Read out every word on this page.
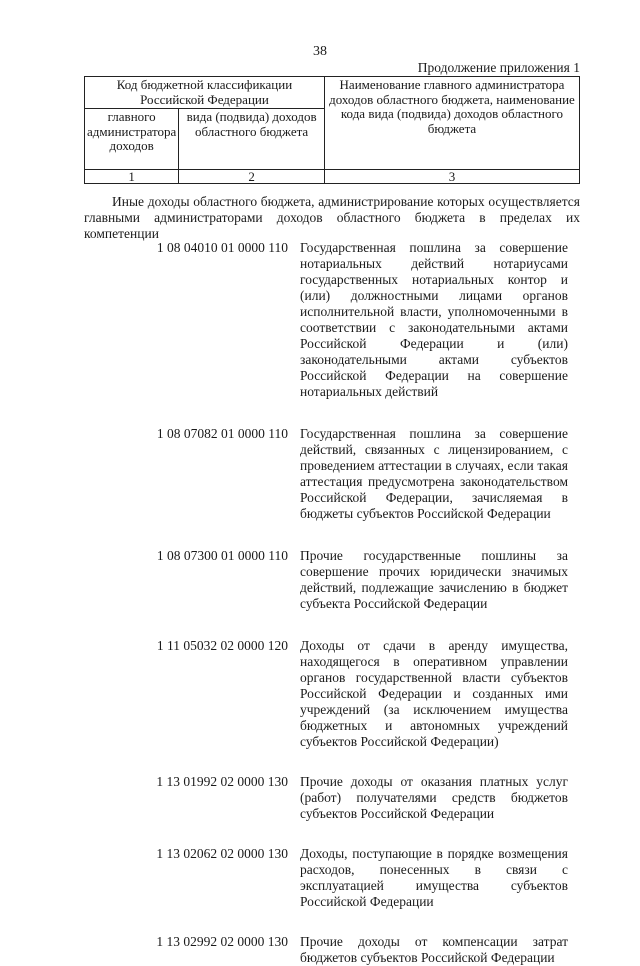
38
Продолжение приложения 1
Код бюджетной классификации Российской Федерации		Наименование главного администратора доходов областного бюджета, наименование кода вида (подвида) доходов областного бюджета
главного администратора доходов	вида (подвида) доходов областного бюджета	
1	2	3
Иные доходы областного бюджета, администрирование которых осуществляется главными администраторами доходов областного бюджета в пределах их компетенции
1 08 04010 01 0000 110 Государственная пошлина за совершение нотариальных действий нотариусами государственных нотариальных контор и (или) должностными лицами органов исполнительной власти, уполномоченными в соответствии с законодательными актами Российской Федерации и (или) законодательными актами субъектов Российской Федерации на совершение нотариальных действий
1 08 07082 01 0000 110 Государственная пошлина за совершение действий, связанных с лицензированием, с проведением аттестации в случаях, если такая аттестация предусмотрена законодательством Российской Федерации, зачисляемая в бюджеты субъектов Российской Федерации
1 08 07300 01 0000 110 Прочие государственные пошлины за совершение прочих юридически значимых действий, подлежащие зачислению в бюджет субъекта Российской Федерации
1 11 05032 02 0000 120 Доходы от сдачи в аренду имущества, находящегося в оперативном управлении органов государственной власти субъектов Российской Федерации и созданных ими учреждений (за исключением имущества бюджетных и автономных учреждений субъектов Российской Федерации)
1 13 01992 02 0000 130 Прочие доходы от оказания платных услуг (работ) получателями средств бюджетов субъектов Российской Федерации
1 13 02062 02 0000 130 Доходы, поступающие в порядке возмещения расходов, понесенных в связи с эксплуатацией имущества субъектов Российской Федерации
1 13 02992 02 0000 130 Прочие доходы от компенсации затрат бюджетов субъектов Российской Федерации
